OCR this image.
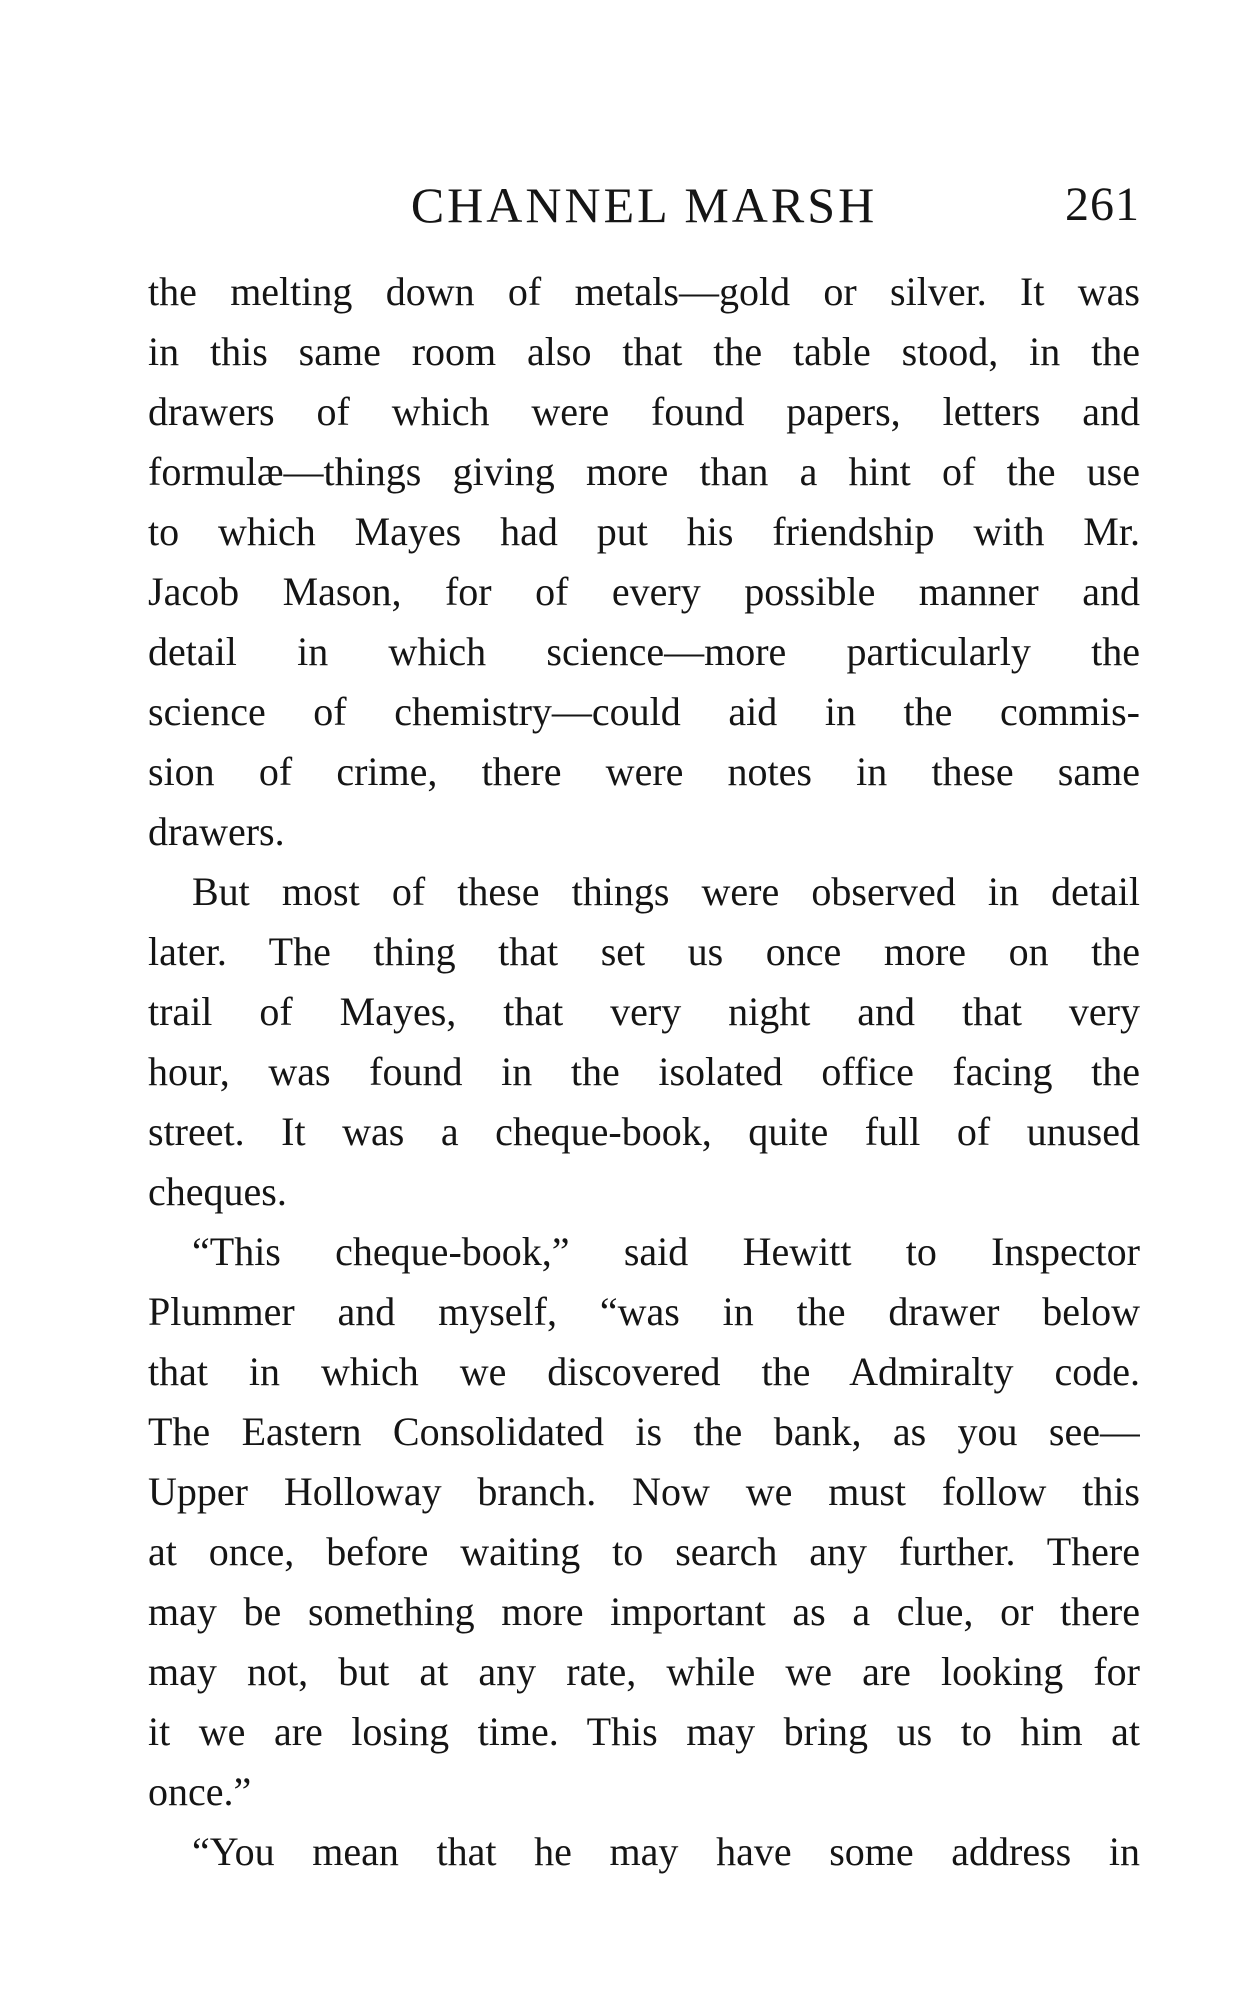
CHANNEL MARSH	261
the melting down of metals—gold or silver. It was
in this same room also that the table stood, in the
drawers of which were found papers, letters and
formulæ—things giving more than a hint of the use
to which Mayes had put his friendship with Mr.
Jacob Mason, for of every possible manner and
detail in which science—more particularly the
science of chemistry—could aid in the commis-
sion of crime, there were notes in these same
drawers.
But most of these things were observed in detail
later. The thing that set us once more on the
trail of Mayes, that very night and that very
hour, was found in the isolated office facing the
street. It was a cheque-book, quite full of unused
cheques.
“This cheque-book,” said Hewitt to Inspector
Plummer and myself, “was in the drawer below
that in which we discovered the Admiralty code.
The Eastern Consolidated is the bank, as you see—
Upper Holloway branch. Now we must follow this
at once, before waiting to search any further. There
may be something more important as a clue, or there
may not, but at any rate, while we are looking for
it we are losing time. This may bring us to him at
once.”
“You mean that he may have some address in
